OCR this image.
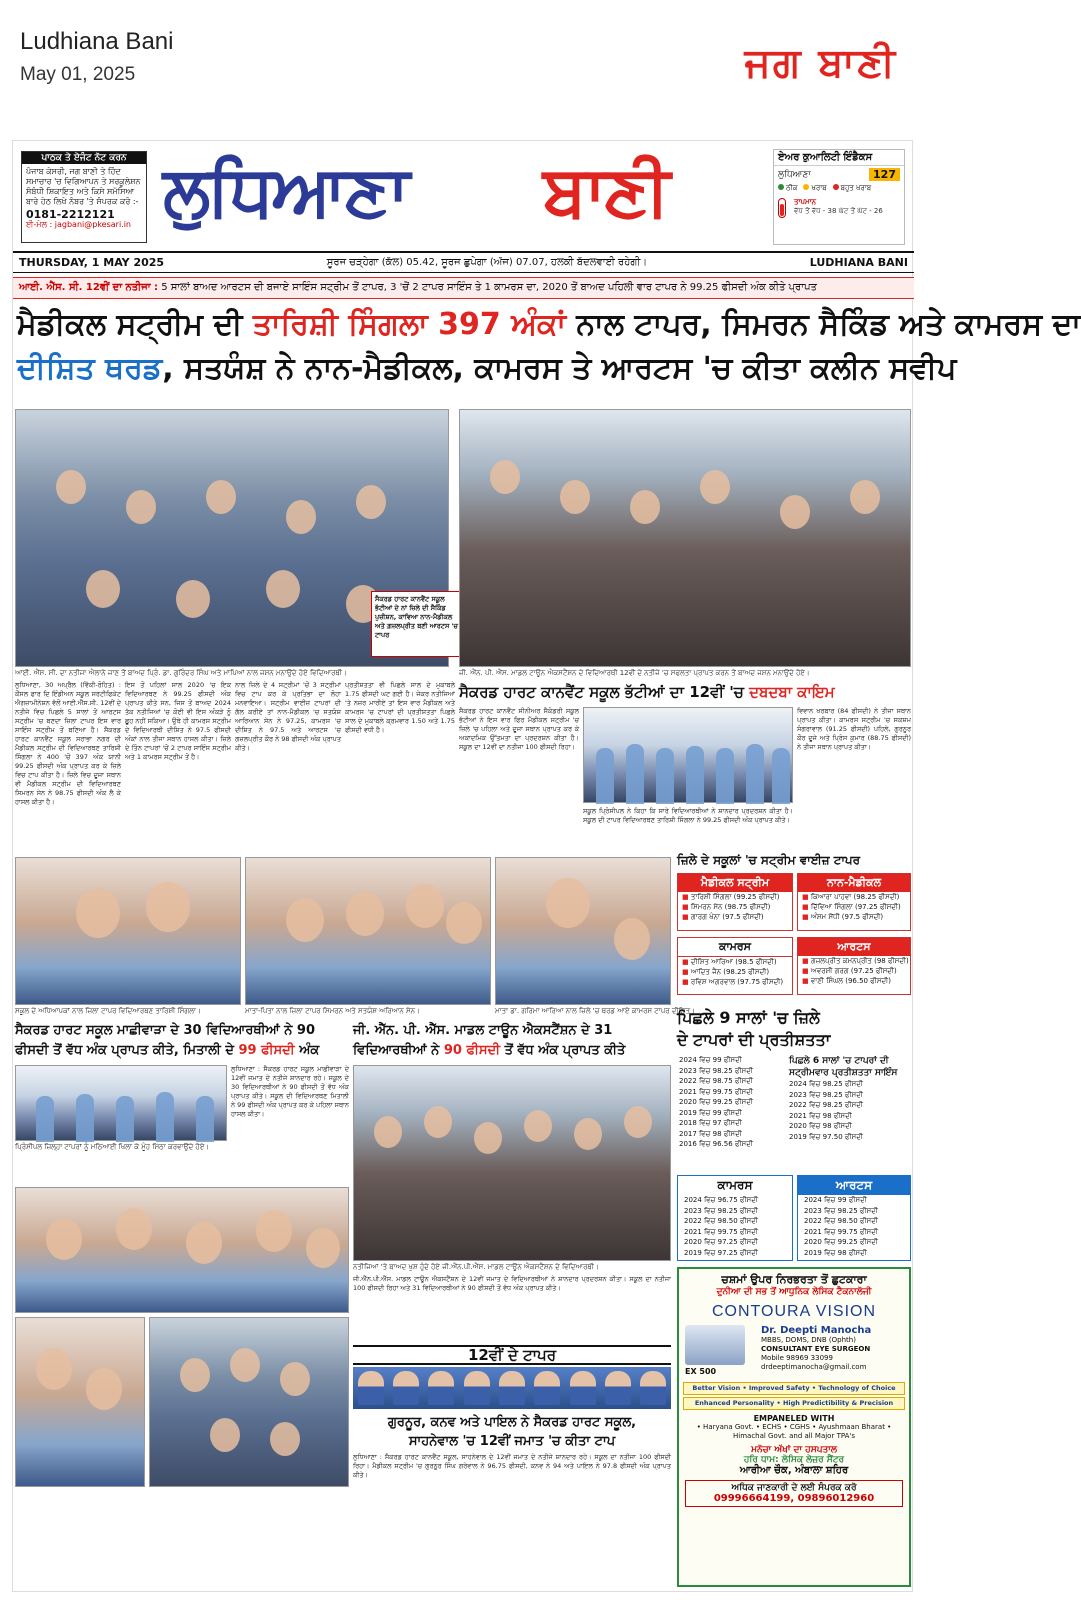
Ludhiana Bani
May 01, 2025	ਜਗ ਬਾਣੀ
ਪਾਠਕ ਤੇ ਏਜੰਟ ਨੋਟ ਕਰਨ
ਪੰਜਾਬ ਕੇਸਰੀ, ਜਗ ਬਾਣੀ ਤੇ ਹਿੰਦ ਸਮਾਚਾਰ 'ਚ ਵਿਗਿਆਪਨ ਤੇ ਸਰਕੂਲੇਸ਼ਨ ਸੰਬੰਧੀ ਸ਼ਿਕਾਇਤ ਅਤੇ ਕਿਸੇ ਸਮੱਸਿਆ ਬਾਰੇ ਹੇਠ ਲਿਖੇ ਨੰਬਰ 'ਤੇ ਸੰਪਰਕ ਕਰੋ :-
0181-2212121
ਈ-ਮੇਲ : jagbani@pkesari.in ਲੁਧਿਆਣਾ ਬਾਣੀ	ਏਅਰ ਕੁਆਲਿਟੀ ਇੰਡੈਕਸ
ਲੁਧਿਆਣਾ	127
ਠੀਕ	ਖਰਾਬ	ਬਹੁਤ ਖਰਾਬ
ਤਾਪਮਾਨ
ਵੱਧ ਤੋਂ ਵੱਧ - 38 ਘੱਟ ਤੋਂ ਘੱਟ - 26
THURSDAY, 1 MAY 2025	ਸੂਰਜ ਚੜ੍ਹੇਗਾ (ਕੱਲ) 05.42, ਸੂਰਜ ਛੁਪੇਗਾ (ਅੱਜ) 07.07, ਹਲਕੀ ਬੱਦਲਵਾਈ ਰਹੇਗੀ।	LUDHIANA BANI
ਆਈ. ਐੱਸ. ਸੀ. 12ਵੀਂ ਦਾ ਨਤੀਜਾ : 5 ਸਾਲਾਂ ਬਾਅਦ ਆਰਟਸ ਦੀ ਬਜਾਏ ਸਾਇੰਸ ਸਟ੍ਰੀਮ ਤੋਂ ਟਾਪਰ, 3 'ਚੋਂ 2 ਟਾਪਰ ਸਾਇੰਸ ਤੇ 1 ਕਾਮਰਸ ਦਾ, 2020 ਤੋਂ ਬਾਅਦ ਪਹਿਲੀ ਵਾਰ ਟਾਪਰ ਨੇ 99.25 ਫੀਸਦੀ ਅੰਕ ਕੀਤੇ ਪ੍ਰਾਪਤ
ਮੈਡੀਕਲ ਸਟ੍ਰੀਮ ਦੀ ਤਾਰਿਸ਼ੀ ਸਿੰਗਲਾ 397 ਅੰਕਾਂ ਨਾਲ ਟਾਪਰ, ਸਿਮਰਨ ਸੈਕਿੰਡ ਅਤੇ ਕਾਮਰਸ ਦਾ
ਦੀਸ਼ਿਤ ਥਰਡ, ਸਤਯੰਸ਼ ਨੇ ਨਾਨ-ਮੈਡੀਕਲ, ਕਾਮਰਸ ਤੇ ਆਰਟਸ 'ਚ ਕੀਤਾ ਕਲੀਨ ਸਵੀਪ
ਸੈਕਰਡ ਹਾਰਟ ਕਾਨਵੈਂਟ ਸਕੂਲ ਭੱਟੀਆਂ ਦੇ ਨਾਂ ਜ਼ਿਲੇ ਦੀ ਸੈਕਿੰਡ ਪੁਜ਼ੀਸ਼ਨ, ਕਾਵਿਆ ਨਾਨ-ਮੈਡੀਕਲ ਅਤੇ ਗ਼ਜ਼ਲਪ੍ਰੀਤ ਬਣੀ ਆਰਟਸ 'ਚ ਟਾਪਰ
ਆਈ. ਐੱਸ. ਸੀ. ਦਾ ਨਤੀਜਾ ਐਲਾਨੇ ਜਾਣ ਤੋਂ ਬਾਅਦ ਪ੍ਰਿੰ. ਡਾ. ਗੁਰਿੰਦਰ ਸਿੰਘ ਅਤੇ ਮਾਪਿਆਂ ਨਾਲ ਜਸ਼ਨ ਮਨਾਉਂਦੇ ਹੋਏ ਵਿਦਿਆਰਥੀ।	ਜੀ. ਐੱਨ. ਪੀ. ਐੱਸ. ਮਾਡਲ ਟਾਊਨ ਐਕਸਟੈਂਸ਼ਨ ਦੇ ਵਿਦਿਆਰਥੀ 12ਵੀਂ ਦੇ ਨਤੀਜੇ 'ਚ ਸਫਲਤਾ ਪ੍ਰਾਪਤ ਕਰਨ ਤੋਂ ਬਾਅਦ ਜਸ਼ਨ ਮਨਾਉਂਦੇ ਹੋਏ।
ਲੁਧਿਆਣਾ, 30 ਅਪ੍ਰੈਲ (ਵਿੱਕੀ-ਰੋਹਿਤ) : ਕੌਂਸਲ ਫਾਰ ਦਿ ਇੰਡੀਅਨ ਸਕੂਲ ਸਰਟੀਫਿਕੇਟ ਐਗਜ਼ਾਮੀਨੇਸ਼ਨ ਵੱਲੋਂ ਆਈ.ਐੱਸ.ਸੀ. 12ਵੀਂ ਦੇ ਨਤੀਜੇ ਵਿਚ ਪਿਛਲੇ 5 ਸਾਲਾਂ ਤੋਂ ਆਰਟਸ ਸਟ੍ਰੀਮ 'ਚ ਬਣਦਾ ਜ਼ਿਲਾ ਟਾਪਰ ਇਸ ਵਾਰ ਸਾਇੰਸ ਸਟ੍ਰੀਮ ਤੋਂ ਬਣਿਆ ਹੈ। ਸੈਕਰਡ ਹਾਰਟ ਕਾਨਵੈਂਟ ਸਕੂਲ ਸਰਾਭਾ ਨਗਰ ਦੀ ਮੈਡੀਕਲ ਸਟ੍ਰੀਮ ਦੀ ਵਿਦਿਆਰਥਣ ਤਾਰਿਸ਼ੀ ਸਿੰਗਲਾ ਨੇ 400 'ਚੋਂ 397 ਅੰਕ ਯਾਨੀ 99.25 ਫੀਸਦੀ ਅੰਕ ਪ੍ਰਾਪਤ ਕਰ ਕੇ ਜ਼ਿਲੇ ਵਿਚ ਟਾਪ ਕੀਤਾ ਹੈ। ਜ਼ਿਲੇ ਵਿਚ ਦੂਜਾ ਸਥਾਨ ਵੀ ਮੈਡੀਕਲ ਸਟ੍ਰੀਮ ਦੀ ਵਿਦਿਆਰਥਣ ਸਿਮਰਨ ਸੇਨ ਨੇ 98.75 ਫੀਸਦੀ ਅੰਕ ਲੈ ਕੇ ਹਾਸਲ ਕੀਤਾ ਹੈ।
ਇਸ ਤੋਂ ਪਹਿਲਾਂ ਸਾਲ 2020 'ਚ ਇਕ ਵਿਦਿਆਰਥਣ ਨੇ 99.25 ਫੀਸਦੀ ਅੰਕ ਪ੍ਰਾਪਤ ਕੀਤੇ ਸਨ, ਜਿਸ ਤੋਂ ਬਾਅਦ 2024 ਤੱਕ ਨਤੀਜਿਆਂ 'ਚ ਕੋਈ ਵੀ ਇਸ ਅੰਕੜੇ ਨੂੰ ਛੂਹ ਨਹੀਂ ਸਕਿਆ। ਉਥੇ ਹੀ ਕਾਮਰਸ ਸਟ੍ਰੀਮ ਦੇ ਵਿਦਿਆਰਥੀ ਦੀਸ਼ਿਤ ਨੇ 97.5 ਫੀਸਦੀ ਅੰਕਾਂ ਨਾਲ ਤੀਜਾ ਸਥਾਨ ਹਾਸਲ ਕੀਤਾ। ਜ਼ਿਲੇ ਦੇ ਤਿੰਨ ਟਾਪਰਾਂ 'ਚੋਂ 2 ਟਾਪਰ ਸਾਇੰਸ ਸਟ੍ਰੀਮ ਅਤੇ 1 ਕਾਮਰਸ ਸਟ੍ਰੀਮ ਤੋਂ ਹੈ।
ਨਾਲ ਜ਼ਿਲੇ ਦੇ 4 ਸਟ੍ਰੀਮਾਂ 'ਚੋਂ 3 ਸਟ੍ਰੀਮਾਂ ਵਿਚ ਟਾਪ ਕਰ ਕੇ ਪ੍ਰਤਿਭਾ ਦਾ ਲੋਹਾ ਮਨਵਾਇਆ। ਸਟ੍ਰੀਮ ਵਾਈਜ਼ ਟਾਪਰਾਂ ਦੀ ਗੱਲ ਕਰੀਏ ਤਾਂ ਨਾਨ-ਮੈਡੀਕਲ 'ਚ ਸਤਯੰਸ਼ ਆਰਿਆਨ ਸੇਨ ਨੇ 97.25, ਕਾਮਰਸ 'ਚ ਦੀਸ਼ਿਤ ਨੇ 97.5 ਅਤੇ ਆਰਟਸ 'ਚ ਗਜ਼ਲਪ੍ਰੀਤ ਕੌਰ ਨੇ 98 ਫੀਸਦੀ ਅੰਕ ਪ੍ਰਾਪਤ ਕੀਤੇ।
ਪ੍ਰਤੀਸ਼ਤਤਾ ਵੀ ਪਿਛਲੇ ਸਾਲ ਦੇ ਮੁਕਾਬਲੇ 1.75 ਫੀਸਦੀ ਘਟ ਗਈ ਹੈ। ਜੇਕਰ ਨਤੀਜਿਆਂ 'ਤੇ ਨਜ਼ਰ ਮਾਰੀਏ ਤਾਂ ਇਸ ਵਾਰ ਮੈਡੀਕਲ ਅਤੇ ਕਾਮਰਸ 'ਚ ਟਾਪਰਾਂ ਦੀ ਪ੍ਰਤੀਸ਼ਤਤਾ ਪਿਛਲੇ ਸਾਲ ਦੇ ਮੁਕਾਬਲੇ ਕ੍ਰਮਵਾਰ 1.50 ਅਤੇ 1.75 ਫੀਸਦੀ ਵਧੀ ਹੈ।
ਸੈਕਰਡ ਹਾਰਟ ਕਾਨਵੈਂਟ ਸਕੂਲ ਭੱਟੀਆਂ ਦਾ 12ਵੀਂ 'ਚ ਦਬਦਬਾ ਕਾਇਮ
ਸੈਕਰਡ ਹਾਰਟ ਕਾਨਵੈਂਟ ਸੀਨੀਅਰ ਸੈਕੰਡਰੀ ਸਕੂਲ ਭੱਟੀਆਂ ਨੇ ਇਸ ਵਾਰ ਫਿਰ ਮੈਡੀਕਲ ਸਟ੍ਰੀਮ 'ਚ ਜ਼ਿਲੇ 'ਚ ਪਹਿਲਾ ਅਤੇ ਦੂਜਾ ਸਥਾਨ ਪ੍ਰਾਪਤ ਕਰ ਕੇ ਅਕਾਦਮਿਕ ਉੱਤਮਤਾ ਦਾ ਪ੍ਰਦਰਸ਼ਨ ਕੀਤਾ ਹੈ। ਸਕੂਲ ਦਾ 12ਵੀਂ ਦਾ ਨਤੀਜਾ 100 ਫੀਸਦੀ ਰਿਹਾ।
ਸਕੂਲ ਪ੍ਰਿੰਸੀਪਲ ਨੇ ਕਿਹਾ ਕਿ ਸਾਰੇ ਵਿਦਿਆਰਥੀਆਂ ਨੇ ਸ਼ਾਨਦਾਰ ਪ੍ਰਦਰਸ਼ਨ ਕੀਤਾ ਹੈ। ਸਕੂਲ ਦੀ ਟਾਪਰ ਵਿਦਿਆਰਥਣ ਤਾਰਿਸ਼ੀ ਸਿੰਗਲਾ ਨੇ 99.25 ਫੀਸਦੀ ਅੰਕ ਪ੍ਰਾਪਤ ਕੀਤੇ।
ਵਿਵਾਨ ਖਰਬਾਰ (84 ਫੀਸਦੀ) ਨੇ ਤੀਜਾ ਸਥਾਨ ਪ੍ਰਾਪਤ ਕੀਤਾ। ਕਾਮਰਸ ਸਟ੍ਰੀਮ 'ਚ ਸਕਸ਼ਮ ਸੰਗਰਾਵਾਲ (91.25 ਫੀਸਦੀ) ਪਹਿਲੇ, ਗੁਰਨੂਰ ਕੌਰ ਦੂਜੇ ਅਤੇ ਪ੍ਰਿੰਸ ਕੁਮਾਰ (88.75 ਫੀਸਦੀ) ਨੇ ਤੀਜਾ ਸਥਾਨ ਪ੍ਰਾਪਤ ਕੀਤਾ।
ਸਕੂਲ ਦੇ ਅਧਿਆਪਕਾਂ ਨਾਲ ਜ਼ਿਲਾ ਟਾਪਰ ਵਿਦਿਆਰਥਣ ਤਾਰਿਸ਼ੀ ਸਿੰਗਲਾ।	ਮਾਤਾ-ਪਿਤਾ ਨਾਲ ਜ਼ਿਲਾ ਟਾਪਰ ਸਿਮਰਨ ਅਤੇ ਸਤਯੰਸ਼ ਅਰਿਆਨ ਸੇਨ।	ਮਾਤਾ ਡਾ. ਗਰਿਮਾ ਆਰਿਆ ਨਾਲ ਜ਼ਿਲੇ 'ਚ ਥਰਡ ਆਏ ਕਾਮਰਸ ਟਾਪਰ ਦੀਸ਼ਿਤ।
ਜ਼ਿਲੇ ਦੇ ਸਕੂਲਾਂ 'ਚ ਸਟ੍ਰੀਮ ਵਾਈਜ਼ ਟਾਪਰ
ਮੈਡੀਕਲ ਸਟ੍ਰੀਮ
■ ਤਾਰਿਸ਼ੀ ਸਿੰਗਲਾ (99.25 ਫੀਸਦੀ)
■ ਸਿਮਰਨ ਸੇਨ (98.75 ਫੀਸਦੀ)
■ ਗਾਰਗ ਖੰਨਾ (97.5 ਫੀਸਦੀ)
ਨਾਨ-ਮੈਡੀਕਲ
■ ਕਿਆਰਾ ਪਾਹਵਾ (98.25 ਫੀਸਦੀ)
■ ਦਿੱਵਿਆ ਸਿੰਗਲਾ (97.25 ਫੀਸਦੀ)
■ ਅੰਸ਼ਮ ਸੋਂਧੀ (97.5 ਫੀਸਦੀ)
ਕਾਮਰਸ
■ ਦੀਸ਼ਿਤ ਆਰਿਆ (98.5 ਫੀਸਦੀ)
■ ਆਦਿਤ ਜੈਨ (98.25 ਫੀਸਦੀ)
■ ਰਵਿਸ਼ ਅਗਰਵਾਲ (97.75 ਫੀਸਦੀ)
ਆਰਟਸ
■ ਗਜ਼ਲਪ੍ਰੀਤ ਕਮਨਪ੍ਰੀਤ (98 ਫੀਸਦੀ)
■ ਅਵਰਸ਼ੀ ਗਰਗ (97.25 ਫੀਸਦੀ)
■ ਵਾਣੀ ਸਿੰਘਲ (96.50 ਫੀਸਦੀ)
ਸੈਕਰਡ ਹਾਰਟ ਸਕੂਲ ਮਾਛੀਵਾੜਾ ਦੇ 30 ਵਿਦਿਆਰਥੀਆਂ ਨੇ 90
ਫੀਸਦੀ ਤੋਂ ਵੱਧ ਅੰਕ ਪ੍ਰਾਪਤ ਕੀਤੇ, ਮਿਤਾਲੀ ਦੇ 99 ਫੀਸਦੀ ਅੰਕ
ਲੁਧਿਆਣਾ : ਸੈਕਰਡ ਹਾਰਟ ਸਕੂਲ ਮਾਛੀਵਾੜਾ ਦੇ 12ਵੀਂ ਜਮਾਤ ਦੇ ਨਤੀਜੇ ਸ਼ਾਨਦਾਰ ਰਹੇ। ਸਕੂਲ ਦੇ 30 ਵਿਦਿਆਰਥੀਆਂ ਨੇ 90 ਫੀਸਦੀ ਤੋਂ ਵੱਧ ਅੰਕ ਪ੍ਰਾਪਤ ਕੀਤੇ। ਸਕੂਲ ਦੀ ਵਿਦਿਆਰਥਣ ਮਿਤਾਲੀ ਨੇ 99 ਫੀਸਦੀ ਅੰਕ ਪ੍ਰਾਪਤ ਕਰ ਕੇ ਪਹਿਲਾ ਸਥਾਨ ਹਾਸਲ ਕੀਤਾ।
ਪ੍ਰਿੰਸੀਪਲ ਜ਼ਿਲ੍ਹਾ ਟਾਪਰਾਂ ਨੂੰ ਮਠਿਆਈ ਖਿਲਾ ਕੇ ਮੂੰਹ ਮਿੱਠਾ ਕਰਵਾਉਂਦੇ ਹੋਏ।
ਜੀ. ਐੱਨ. ਪੀ. ਐੱਸ. ਮਾਡਲ ਟਾਊਨ ਐਕਸਟੈਂਸ਼ਨ ਦੇ 31
ਵਿਦਿਆਰਥੀਆਂ ਨੇ 90 ਫੀਸਦੀ ਤੋਂ ਵੱਧ ਅੰਕ ਪ੍ਰਾਪਤ ਕੀਤੇ
ਨਤੀਜਿਆਂ 'ਤੇ ਬਾਅਦ ਖੁਸ਼ ਹੁੰਦੇ ਹੋਏ ਜੀ.ਐੱਨ.ਪੀ.ਐੱਸ. ਮਾਡਲ ਟਾਊਨ ਐਕਸਟੈਂਸ਼ਨ ਦੇ ਵਿਦਿਆਰਥੀ।
ਜੀ.ਐੱਨ.ਪੀ.ਐੱਸ. ਮਾਡਲ ਟਾਊਨ ਐਕਸਟੈਂਸ਼ਨ ਦੇ 12ਵੀਂ ਜਮਾਤ ਦੇ ਵਿਦਿਆਰਥੀਆਂ ਨੇ ਸ਼ਾਨਦਾਰ ਪ੍ਰਦਰਸ਼ਨ ਕੀਤਾ। ਸਕੂਲ ਦਾ ਨਤੀਜਾ 100 ਫੀਸਦੀ ਰਿਹਾ ਅਤੇ 31 ਵਿਦਿਆਰਥੀਆਂ ਨੇ 90 ਫੀਸਦੀ ਤੋਂ ਵੱਧ ਅੰਕ ਪ੍ਰਾਪਤ ਕੀਤੇ।
12ਵੀਂ ਦੇ ਟਾਪਰ
ਗੁਰਨੂਰ, ਕਨਵ ਅਤੇ ਪਾਇਲ ਨੇ ਸੈਕਰਡ ਹਾਰਟ ਸਕੂਲ,
ਸਾਹਨੇਵਾਲ 'ਚ 12ਵੀਂ ਜਮਾਤ 'ਚ ਕੀਤਾ ਟਾਪ
ਲੁਧਿਆਣਾ : ਸੈਕਰਡ ਹਾਰਟ ਕਾਨਵੈਂਟ ਸਕੂਲ, ਸਾਹਨੇਵਾਲ ਦੇ 12ਵੀਂ ਜਮਾਤ ਦੇ ਨਤੀਜੇ ਸ਼ਾਨਦਾਰ ਰਹੇ। ਸਕੂਲ ਦਾ ਨਤੀਜਾ 100 ਫੀਸਦੀ ਰਿਹਾ। ਮੈਡੀਕਲ ਸਟ੍ਰੀਮ 'ਚ ਗੁਰਨੂਰ ਸਿੰਘ ਗਰੇਵਾਲ ਨੇ 96.75 ਫੀਸਦੀ, ਕਨਵ ਨੇ 94 ਅਤੇ ਪਾਇਲ ਨੇ 97.8 ਫੀਸਦੀ ਅੰਕ ਪ੍ਰਾਪਤ ਕੀਤੇ।
ਪਿਛਲੇ 9 ਸਾਲਾਂ 'ਚ ਜ਼ਿਲੇ
ਦੇ ਟਾਪਰਾਂ ਦੀ ਪ੍ਰਤੀਸ਼ਤਤਾ
2024 ਵਿਚ 99 ਫੀਸਦੀ
2023 ਵਿਚ 98.25 ਫੀਸਦੀ
2022 ਵਿਚ 98.75 ਫੀਸਦੀ
2021 ਵਿਚ 99.75 ਫੀਸਦੀ
2020 ਵਿਚ 99.25 ਫੀਸਦੀ
2019 ਵਿਚ 99 ਫੀਸਦੀ
2018 ਵਿਚ 97 ਫੀਸਦੀ
2017 ਵਿਚ 98 ਫੀਸਦੀ
2016 ਵਿਚ 96.56 ਫੀਸਦੀ
ਪਿਛਲੇ 6 ਸਾਲਾਂ 'ਚ ਟਾਪਰਾਂ ਦੀ ਸਟ੍ਰੀਮਵਾਰ ਪ੍ਰਤੀਸ਼ਤਤਾ ਸਾਇੰਸ
2024 ਵਿਚ 98.25 ਫੀਸਦੀ
2023 ਵਿਚ 98.25 ਫੀਸਦੀ
2022 ਵਿਚ 98.25 ਫੀਸਦੀ
2021 ਵਿਚ 98 ਫੀਸਦੀ
2020 ਵਿਚ 98 ਫੀਸਦੀ
2019 ਵਿਚ 97.50 ਫੀਸਦੀ
ਕਾਮਰਸ
2024 ਵਿਚ 96.75 ਫੀਸਦੀ
2023 ਵਿਚ 98.25 ਫੀਸਦੀ
2022 ਵਿਚ 98.50 ਫੀਸਦੀ
2021 ਵਿਚ 99.75 ਫੀਸਦੀ
2020 ਵਿਚ 97.25 ਫੀਸਦੀ
2019 ਵਿਚ 97.25 ਫੀਸਦੀ
ਆਰਟਸ
2024 ਵਿਚ 99 ਫੀਸਦੀ
2023 ਵਿਚ 98.25 ਫੀਸਦੀ
2022 ਵਿਚ 98.50 ਫੀਸਦੀ
2021 ਵਿਚ 99.75 ਫੀਸਦੀ
2020 ਵਿਚ 99.25 ਫੀਸਦੀ
2019 ਵਿਚ 98 ਫੀਸਦੀ
ਚਸ਼ਮਾਂ ਉਪਰ ਨਿਰਭਰਤਾ ਤੋਂ ਛੁਟਕਾਰਾ
ਦੁਨੀਆ ਦੀ ਸਭ ਤੋਂ ਆਧੁਨਿਕ ਲੇਸਿਕ ਟੈਕਨਾਲੋਜੀ
CONTOURA VISION
EX 500
Dr. Deepti Manocha
MBBS, DOMS, DNB (Ophth)
CONSULTANT EYE SURGEON
Mobile 98969 33099
drdeeptimanocha@gmail.com
Better Vision • Improved Safety • Technology of Choice
Enhanced Personality • High Predictibility & Precision
EMPANELED WITH
• Haryana Govt. • ECHS • CGHS • Ayushmaan Bharat • Himachal Govt. and all Major TPA's
ਮਨੋਚਾ ਅੱਖਾਂ ਦਾ ਹਸਪਤਾਲ
ਹਰਿ ਧਾਮ: ਲੇਸਿਕ ਲੇਜ਼ਰ ਸੈਂਟਰ
ਆਰੀਆ ਚੌਕ, ਅੰਬਾਲਾ ਸ਼ਹਿਰ
ਅਧਿਕ ਜਾਣਕਾਰੀ ਦੇ ਲਈ ਸੰਪਰਕ ਕਰੋ
09996664199, 09896012960
